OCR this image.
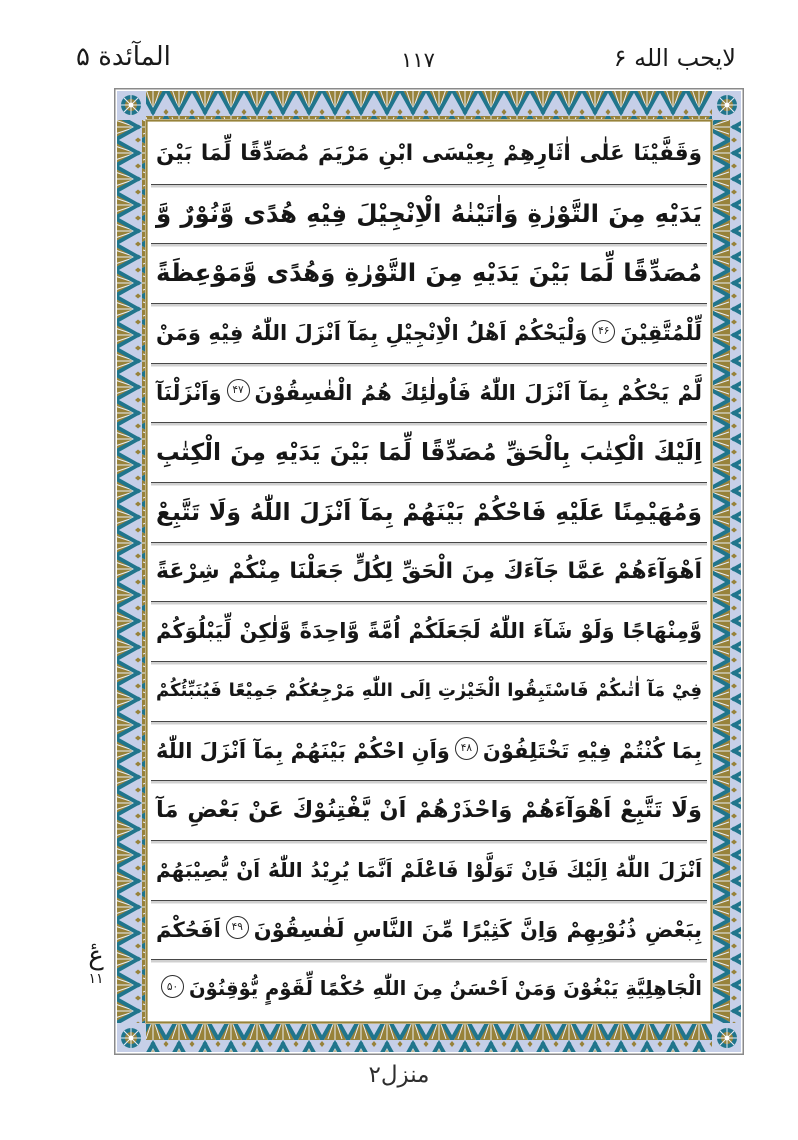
لايحب الله ۶
۱۱۷
المآئدة ۵
وَقَفَّيْنَا عَلٰى اٰثَارِهِمْ بِعِيْسَى ابْنِ مَرْيَمَ مُصَدِّقًا لِّمَا بَيْنَ
يَدَيْهِ مِنَ التَّوْرٰةِ وَاٰتَيْنٰهُ الْاِنْجِيْلَ فِيْهِ هُدًى وَّنُوْرٌ وَّ
مُصَدِّقًا لِّمَا بَيْنَ يَدَيْهِ مِنَ التَّوْرٰةِ وَهُدًى وَّمَوْعِظَةً
لِّلْمُتَّقِيْنَ۴۶وَلْيَحْكُمْ اَهْلُ الْاِنْجِيْلِ بِمَآ اَنْزَلَ اللّٰهُ فِيْهِ وَمَنْ
لَّمْ يَحْكُمْ بِمَآ اَنْزَلَ اللّٰهُ فَاُولٰئِكَ هُمُ الْفٰسِقُوْنَ۴۷وَاَنْزَلْنَآ
اِلَيْكَ الْكِتٰبَ بِالْحَقِّ مُصَدِّقًا لِّمَا بَيْنَ يَدَيْهِ مِنَ الْكِتٰبِ
وَمُهَيْمِنًا عَلَيْهِ فَاحْكُمْ بَيْنَهُمْ بِمَآ اَنْزَلَ اللّٰهُ وَلَا تَتَّبِعْ
اَهْوَآءَهُمْ عَمَّا جَآءَكَ مِنَ الْحَقِّ لِكُلٍّ جَعَلْنَا مِنْكُمْ شِرْعَةً
وَّمِنْهَاجًا وَلَوْ شَآءَ اللّٰهُ لَجَعَلَكُمْ اُمَّةً وَّاحِدَةً وَّلٰكِنْ لِّيَبْلُوَكُمْ
فِيْ مَآ اٰتٰىكُمْ فَاسْتَبِقُوا الْخَيْرٰتِ اِلَى اللّٰهِ مَرْجِعُكُمْ جَمِيْعًا فَيُنَبِّئُكُمْ
بِمَا كُنْتُمْ فِيْهِ تَخْتَلِفُوْنَ۴۸وَاَنِ احْكُمْ بَيْنَهُمْ بِمَآ اَنْزَلَ اللّٰهُ
وَلَا تَتَّبِعْ اَهْوَآءَهُمْ وَاحْذَرْهُمْ اَنْ يَّفْتِنُوْكَ عَنْ بَعْضِ مَآ
اَنْزَلَ اللّٰهُ اِلَيْكَ فَاِنْ تَوَلَّوْا فَاعْلَمْ اَنَّمَا يُرِيْدُ اللّٰهُ اَنْ يُّصِيْبَهُمْ
بِبَعْضِ ذُنُوْبِهِمْ وَاِنَّ كَثِيْرًا مِّنَ النَّاسِ لَفٰسِقُوْنَ۴۹اَفَحُكْمَ
الْجَاهِلِيَّةِ يَبْغُوْنَ وَمَنْ اَحْسَنُ مِنَ اللّٰهِ حُكْمًا لِّقَوْمٍ يُّوْقِنُوْنَ۵۰
عٔ
۱۱
منزل۲
